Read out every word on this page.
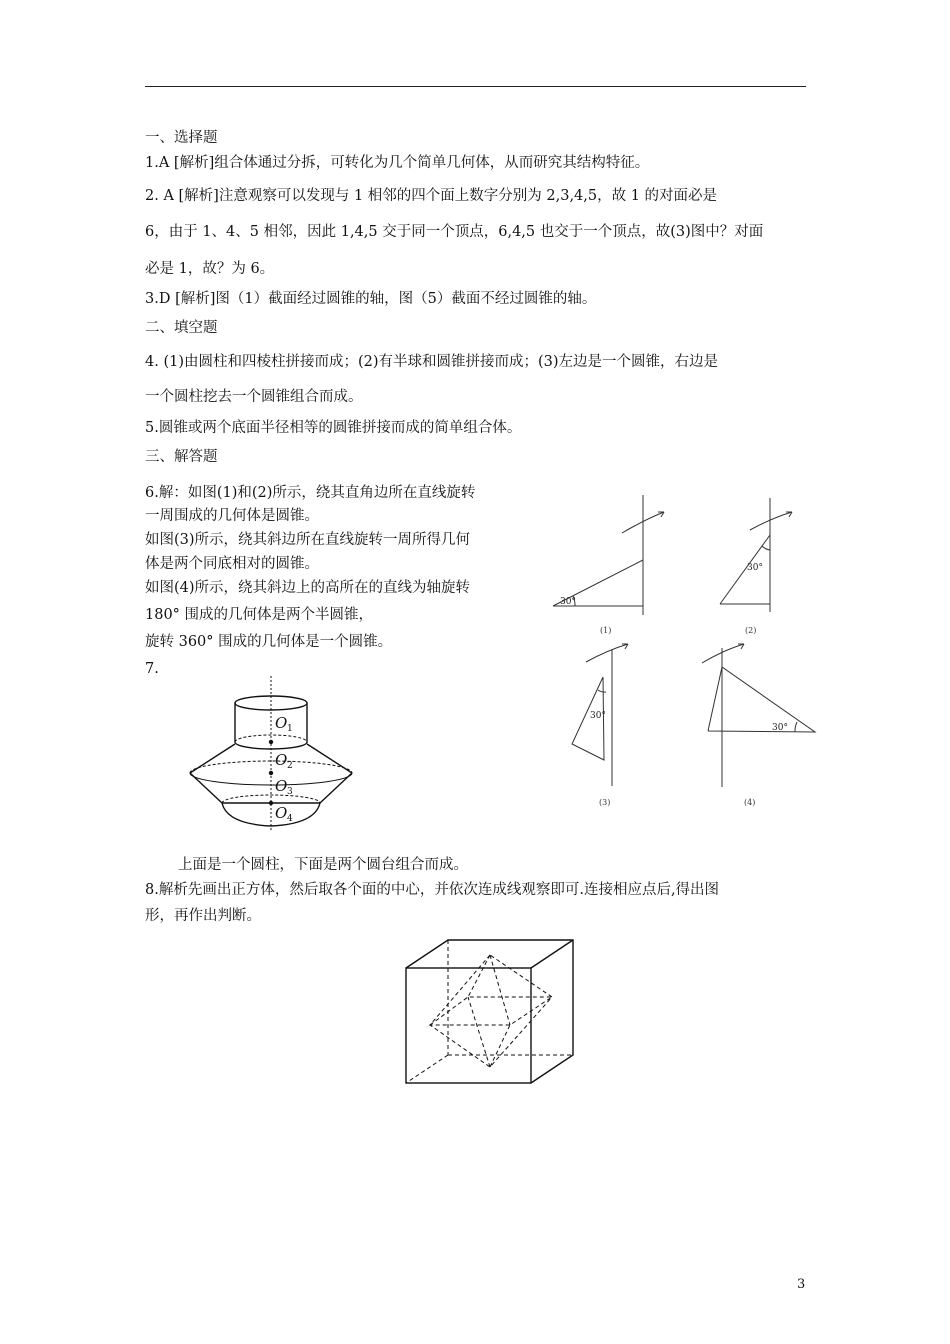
一、选择题
1.A [解析]组合体通过分拆，可转化为几个简单几何体，从而研究其结构特征。
2. A [解析]注意观察可以发现与 1 相邻的四个面上数字分别为 2,3,4,5，故 1 的对面必是
6，由于 1、4、5 相邻，因此 1,4,5 交于同一个顶点，6,4,5 也交于一个顶点，故(3)图中？对面
必是 1，故？为 6。
3.D [解析]图（1）截面经过圆锥的轴，图（5）截面不经过圆锥的轴。
二、填空题
4. (1)由圆柱和四棱柱拼接而成；(2)有半球和圆锥拼接而成；(3)左边是一个圆锥，右边是
一个圆柱挖去一个圆锥组合而成。
5.圆锥或两个底面半径相等的圆锥拼接而成的简单组合体。
三、解答题
6.解：如图(1)和(2)所示，绕其直角边所在直线旋转
一周围成的几何体是圆锥。
如图(3)所示，绕其斜边所在直线旋转一周所得几何
体是两个同底相对的圆锥。
如图(4)所示，绕其斜边上的高所在的直线为轴旋转
180° 围成的几何体是两个半圆锥，
旋转 360° 围成的几何体是一个圆锥。
7.
上面是一个圆柱，下面是两个圆台组合而成。
8.解析先画出正方体，然后取各个面的中心，并依次连成线观察即可.连接相应点后,得出图
形，再作出判断。
30°
30°
30°
30°
(1)	(2)
(3)	(4)
O
O
O
O
1
2
3
4
3
